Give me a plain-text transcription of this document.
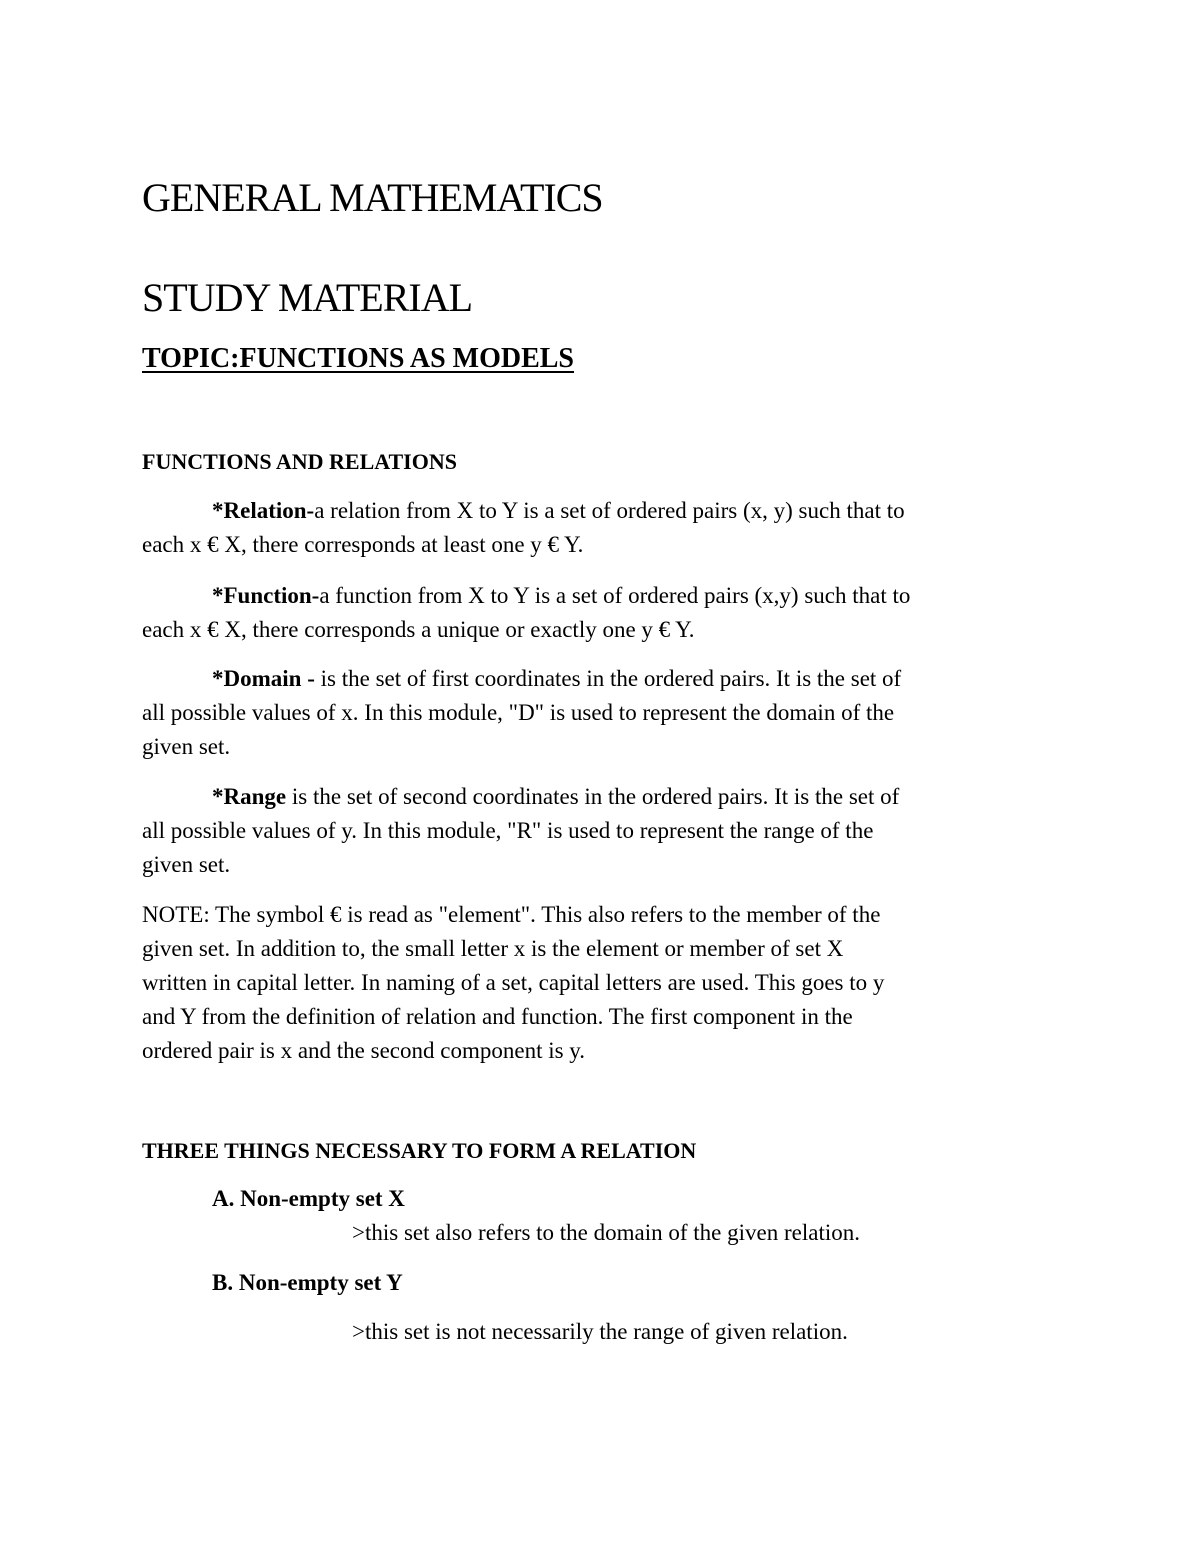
GENERAL MATHEMATICS
STUDY MATERIAL
TOPIC:FUNCTIONS AS MODELS
FUNCTIONS AND RELATIONS
*Relation-a relation from X to Y is a set of ordered pairs (x, y) such that to
each x € X, there corresponds at least one y € Y.
*Function-a function from X to Y is a set of ordered pairs (x,y) such that to
each x € X, there corresponds a unique or exactly one y € Y.
*Domain - is the set of first coordinates in the ordered pairs. It is the set of
all possible values of x. In this module, "D" is used to represent the domain of the
given set.
*Range is the set of second coordinates in the ordered pairs. It is the set of
all possible values of y. In this module, "R" is used to represent the range of the
given set.
NOTE: The symbol € is read as "element". This also refers to the member of the
given set. In addition to, the small letter x is the element or member of set X
written in capital letter. In naming of a set, capital letters are used. This goes to y
and Y from the definition of relation and function. The first component in the
ordered pair is x and the second component is y.
THREE THINGS NECESSARY TO FORM A RELATION
A. Non-empty set X
>this set also refers to the domain of the given relation.
B. Non-empty set Y
>this set is not necessarily the range of given relation.
